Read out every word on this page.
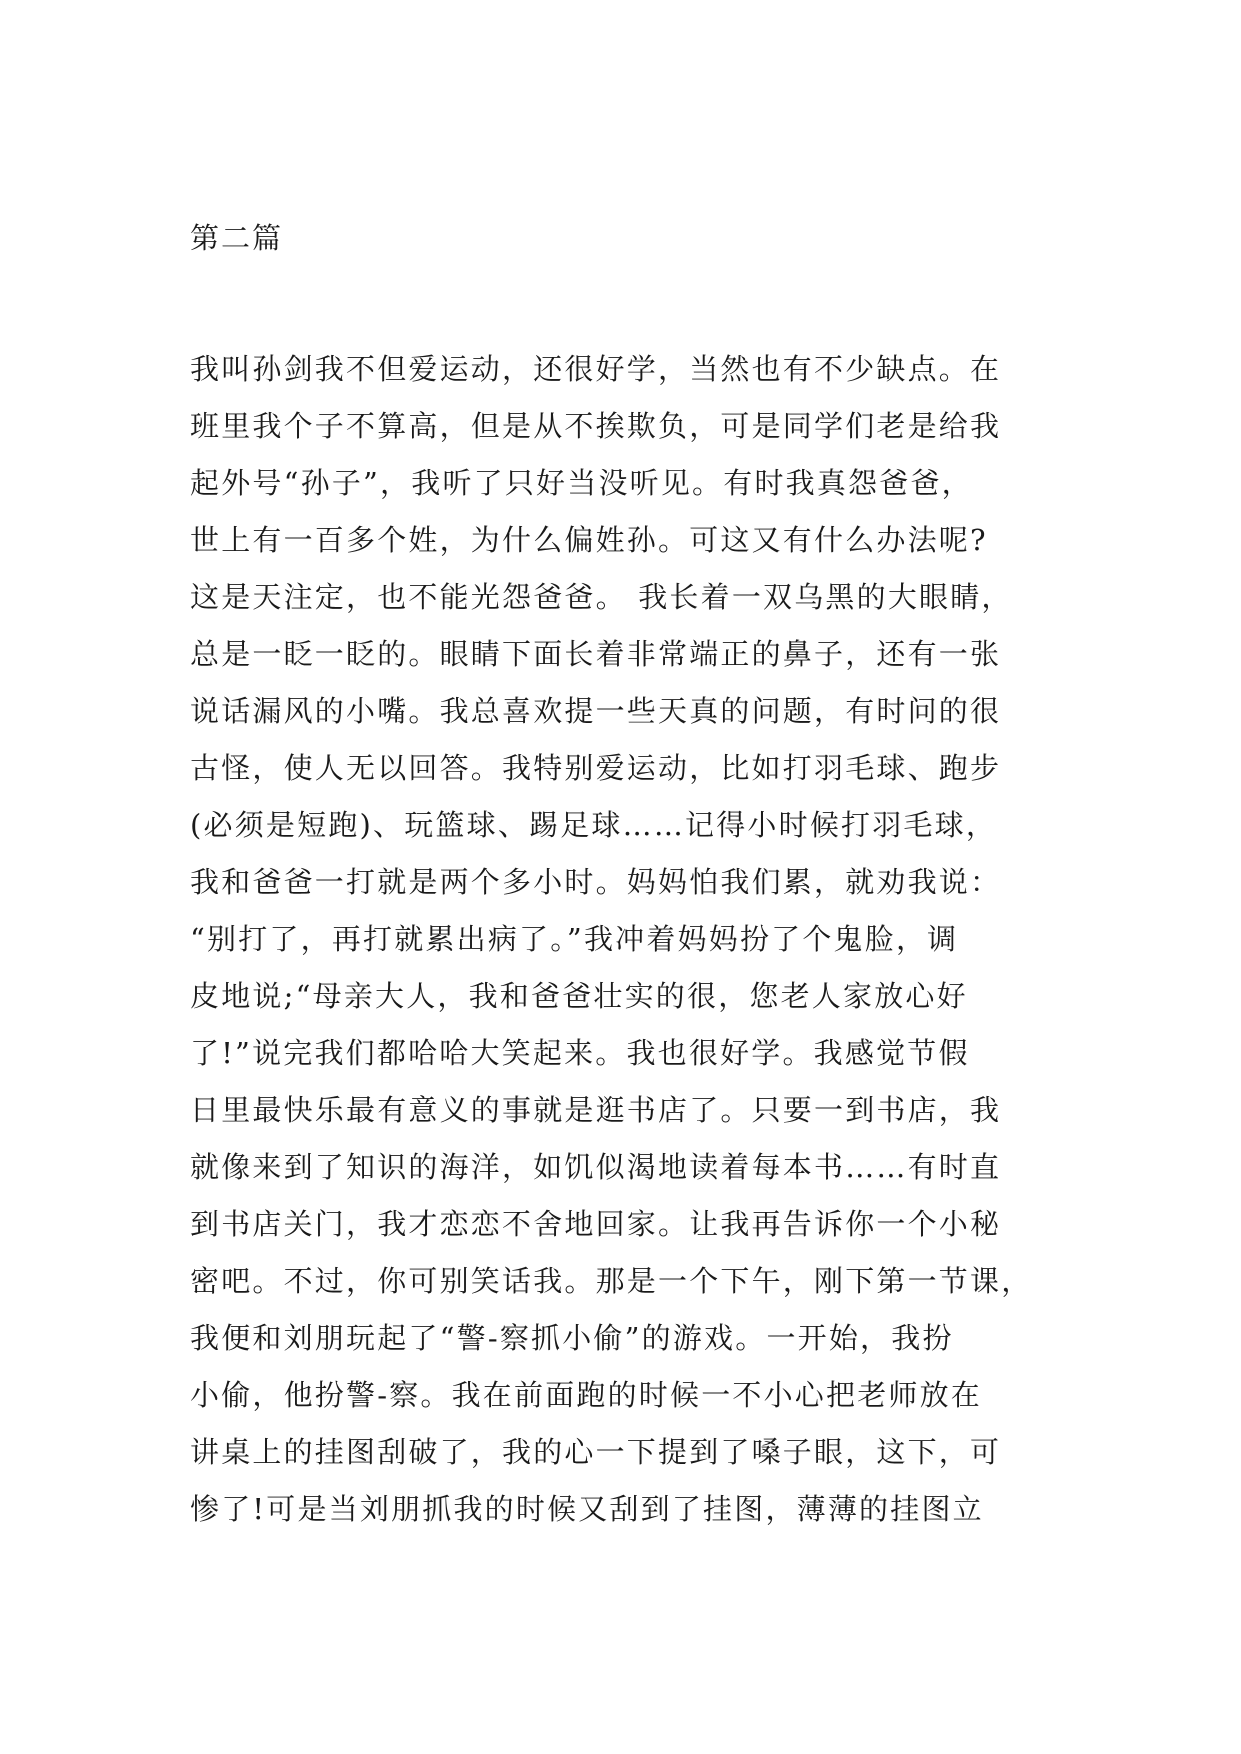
第二篇
我叫孙剑我不但爱运动，还很好学，当然也有不少缺点。在
班里我个子不算高，但是从不挨欺负，可是同学们老是给我
起外号“孙子”，我听了只好当没听见。有时我真怨爸爸，
世上有一百多个姓，为什么偏姓孙。可这又有什么办法呢?
这是天注定，也不能光怨爸爸。 我长着一双乌黑的大眼睛，
总是一眨一眨的。眼睛下面长着非常端正的鼻子，还有一张
说话漏风的小嘴。我总喜欢提一些天真的问题，有时问的很
古怪，使人无以回答。我特别爱运动，比如打羽毛球、跑步
(必须是短跑)、玩篮球、踢足球……记得小时候打羽毛球，
我和爸爸一打就是两个多小时。妈妈怕我们累，就劝我说：
“别打了，再打就累出病了。”我冲着妈妈扮了个鬼脸，调
皮地说;“母亲大人，我和爸爸壮实的很，您老人家放心好
了!”说完我们都哈哈大笑起来。我也很好学。我感觉节假
日里最快乐最有意义的事就是逛书店了。只要一到书店，我
就像来到了知识的海洋，如饥似渴地读着每本书……有时直
到书店关门，我才恋恋不舍地回家。让我再告诉你一个小秘
密吧。不过，你可别笑话我。那是一个下午，刚下第一节课，
我便和刘朋玩起了“警-察抓小偷”的游戏。一开始，我扮
小偷，他扮警-察。我在前面跑的时候一不小心把老师放在
讲桌上的挂图刮破了，我的心一下提到了嗓子眼，这下，可
惨了!可是当刘朋抓我的时候又刮到了挂图，薄薄的挂图立
